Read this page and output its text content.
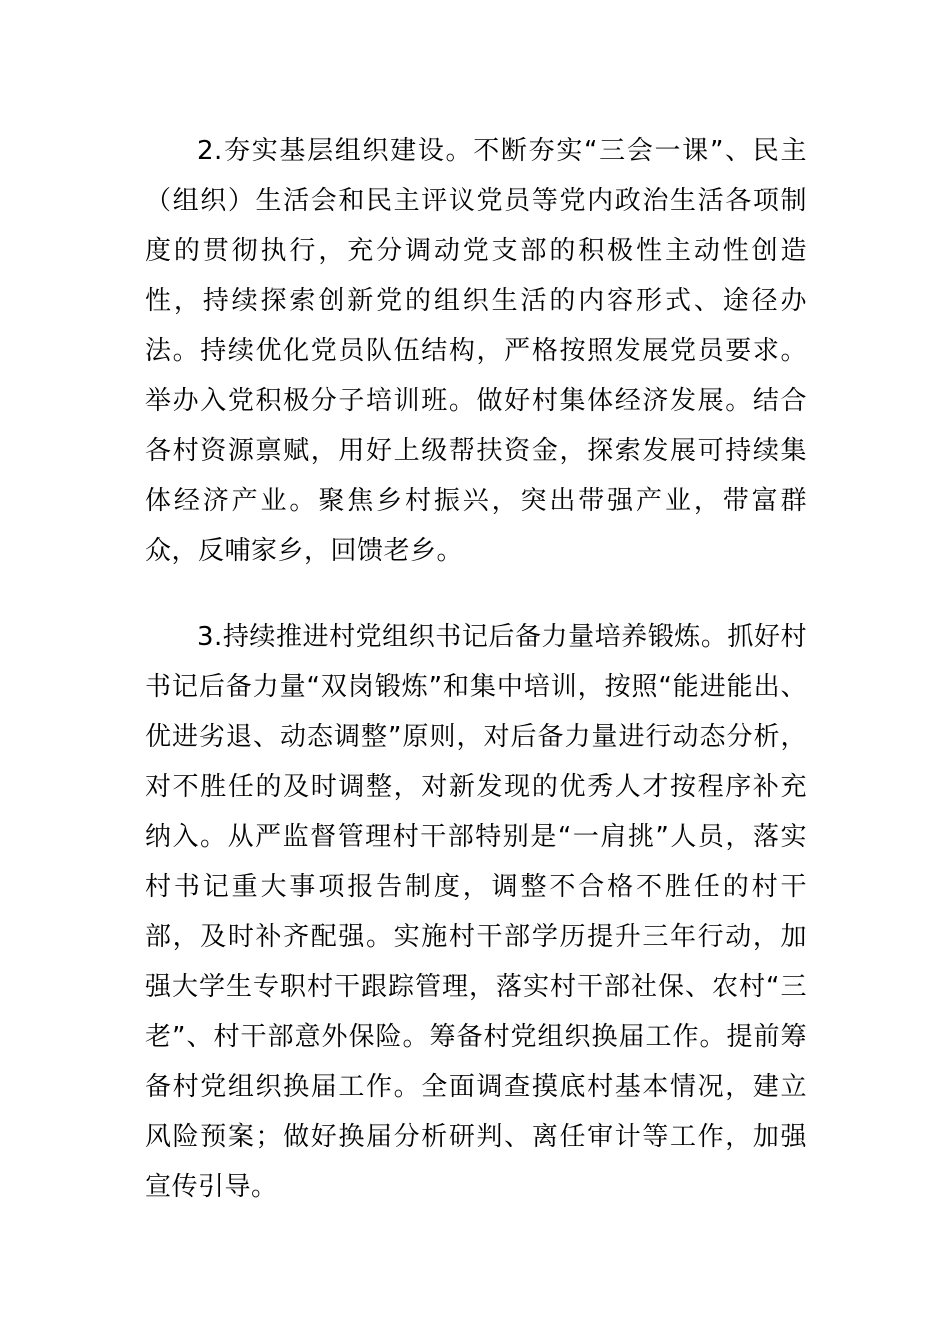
2.夯实基层组织建设。不断夯实“三会一课”、民主（组织）生活会和民主评议党员等党内政治生活各项制度的贯彻执行，充分调动党支部的积极性主动性创造性，持续探索创新党的组织生活的内容形式、途径办法。持续优化党员队伍结构，严格按照发展党员要求。举办入党积极分子培训班。做好村集体经济发展。结合各村资源禀赋，用好上级帮扶资金，探索发展可持续集体经济产业。聚焦乡村振兴，突出带强产业，带富群众，反哺家乡，回馈老乡。

3.持续推进村党组织书记后备力量培养锻炼。抓好村书记后备力量“双岗锻炼”和集中培训，按照“能进能出、优进劣退、动态调整”原则，对后备力量进行动态分析，对不胜任的及时调整，对新发现的优秀人才按程序补充纳入。从严监督管理村干部特别是“一肩挑”人员，落实村书记重大事项报告制度，调整不合格不胜任的村干部，及时补齐配强。实施村干部学历提升三年行动，加强大学生专职村干跟踪管理，落实村干部社保、农村“三老”、村干部意外保险。筹备村党组织换届工作。提前筹备村党组织换届工作。全面调查摸底村基本情况，建立风险预案；做好换届分析研判、离任审计等工作，加强宣传引导。
